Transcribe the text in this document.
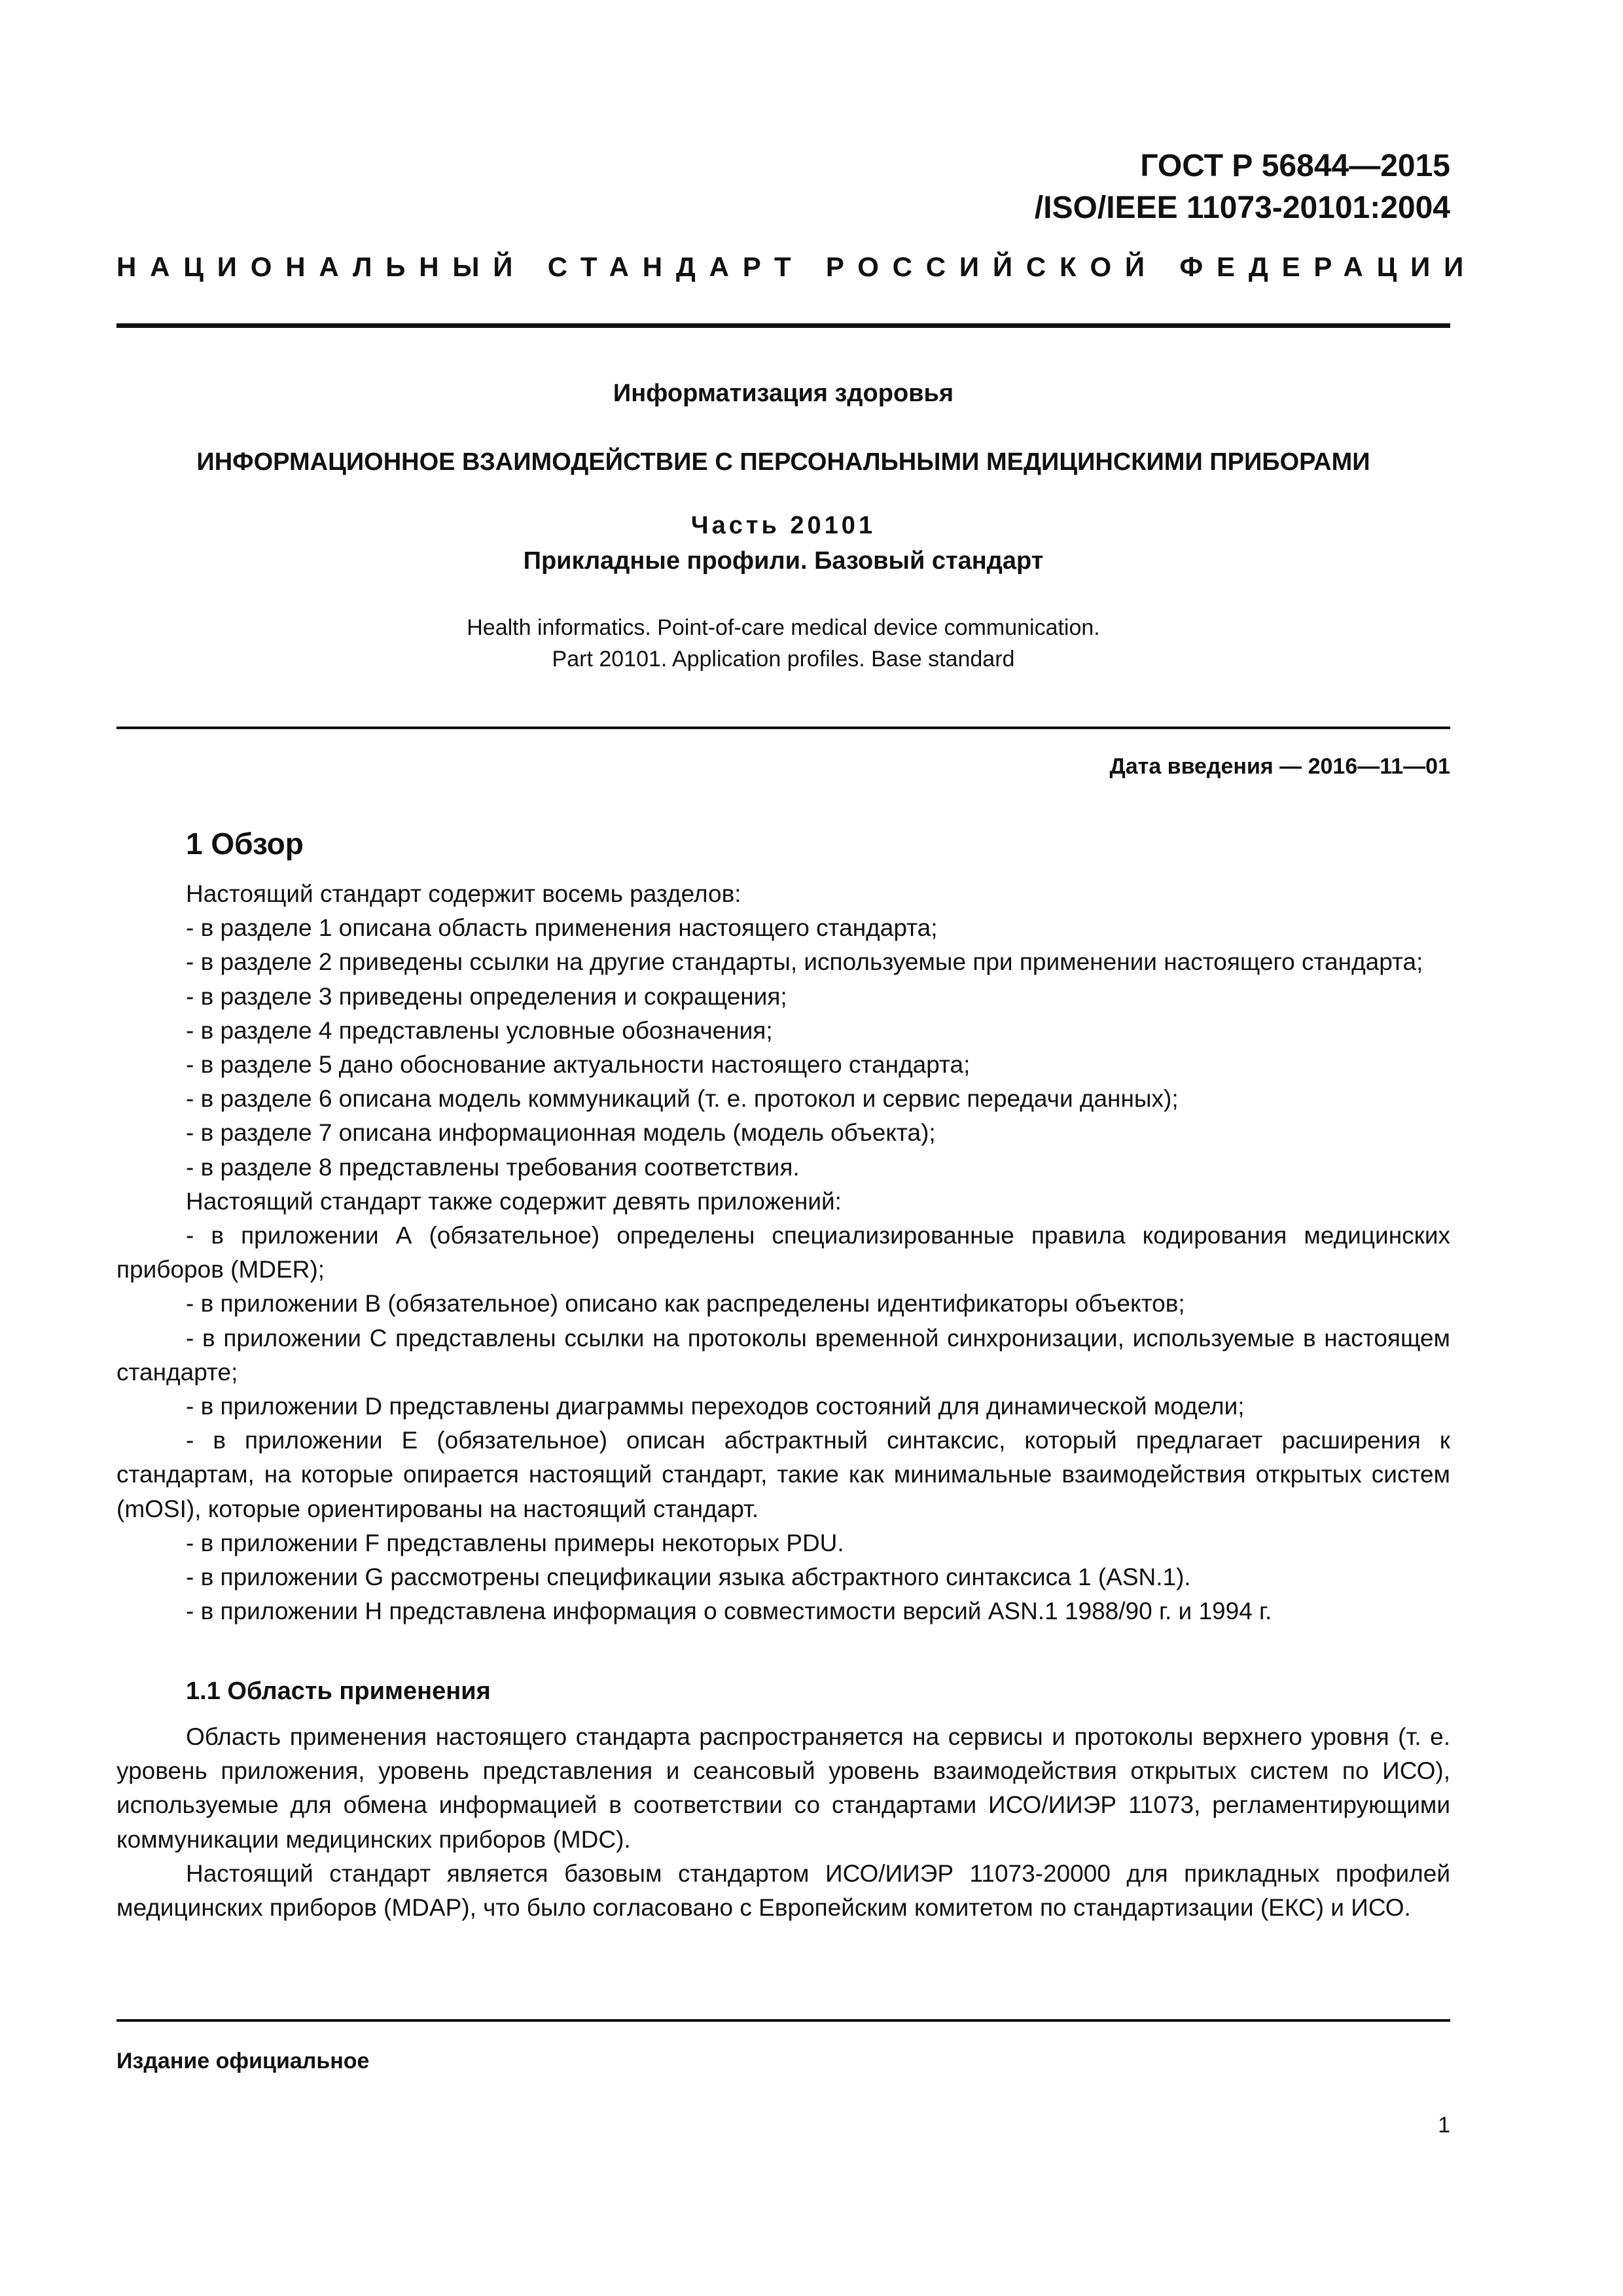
ГОСТ Р 56844—2015
/ISO/IEEE 11073-20101:2004
НАЦИОНАЛЬНЫЙ СТАНДАРТ РОССИЙСКОЙ ФЕДЕРАЦИИ
Информатизация здоровья
ИНФОРМАЦИОННОЕ ВЗАИМОДЕЙСТВИЕ С ПЕРСОНАЛЬНЫМИ МЕДИЦИНСКИМИ ПРИБОРАМИ
Часть 20101
Прикладные профили. Базовый стандарт
Health informatics. Point-of-care medical device communication.
Part 20101. Application profiles. Base standard
Дата введения — 2016—11—01
1 Обзор

Настоящий стандарт содержит восемь разделов:

- в разделе 1 описана область применения настоящего стандарта;

- в разделе 2 приведены ссылки на другие стандарты, используемые при применении настоящего стандарта;

- в разделе 3 приведены определения и сокращения;

- в разделе 4 представлены условные обозначения;

- в разделе 5 дано обоснование актуальности настоящего стандарта;

- в разделе 6 описана модель коммуникаций (т. е. протокол и сервис передачи данных);

- в разделе 7 описана информационная модель (модель объекта);

- в разделе 8 представлены требования соответствия.

Настоящий стандарт также содержит девять приложений:

- в приложении А (обязательное) определены специализированные правила кодирования медицинских приборов (MDER);

- в приложении В (обязательное) описано как распределены идентификаторы объектов;

- в приложении С представлены ссылки на протоколы временной синхронизации, используемые в настоящем стандарте;

- в приложении D представлены диаграммы переходов состояний для динамической модели;

- в приложении Е (обязательное) описан абстрактный синтаксис, который предлагает расширения к стандартам, на которые опирается настоящий стандарт, такие как минимальные взаимодействия открытых систем (mOSI), которые ориентированы на настоящий стандарт.

- в приложении F представлены примеры некоторых PDU.

- в приложении G рассмотрены спецификации языка абстрактного синтаксиса 1 (ASN.1).

- в приложении Н представлена информация о совместимости версий ASN.1 1988/90 г. и 1994 г.

1.1 Область применения

Область применения настоящего стандарта распространяется на сервисы и протоколы верхнего уровня (т. е. уровень приложения, уровень представления и сеансовый уровень взаимодействия открытых систем по ИСО), используемые для обмена информацией в соответствии со стандартами ИСО/ИИЭР 11073, регламентирующими коммуникации медицинских приборов (MDC).

Настоящий стандарт является базовым стандартом ИСО/ИИЭР 11073-20000 для прикладных профилей медицинских приборов (MDAP), что было согласовано с Европейским комитетом по стандартизации (ЕКС) и ИСО.

Издание официальное
1
